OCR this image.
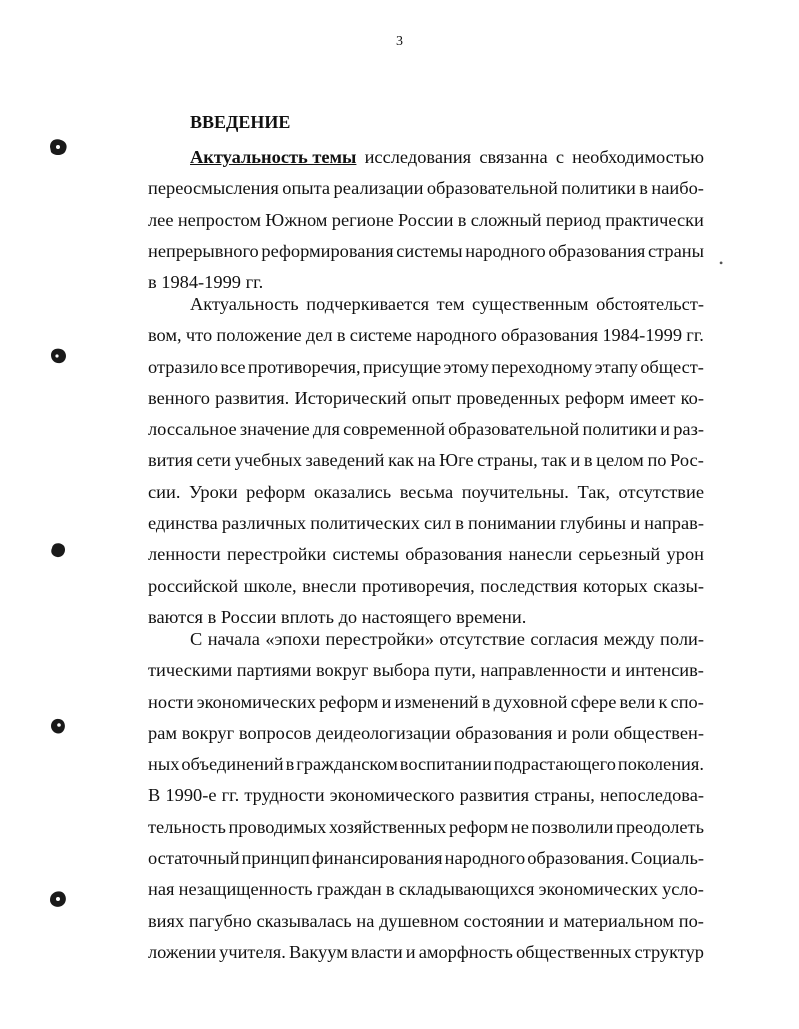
3
ВВЕДЕНИЕ
•
Актуальность темы исследования связанна с необходимостью
переосмысления опыта реализации образовательной политики в наибо-
лее непростом Южном регионе России в сложный период практически
непрерывного реформирования системы народного образования страны
в 1984-1999 гг.
Актуальность подчеркивается тем существенным обстоятельст-
вом, что положение дел в системе народного образования 1984-1999 гг.
отразило все противоречия, присущие этому переходному этапу общест-
венного развития. Исторический опыт проведенных реформ имеет ко-
лоссальное значение для современной образовательной политики и раз-
вития сети учебных заведений как на Юге страны, так и в целом по Рос-
сии. Уроки реформ оказались весьма поучительны. Так, отсутствие
единства различных политических сил в понимании глубины и направ-
ленности перестройки системы образования нанесли серьезный урон
российской школе, внесли противоречия, последствия которых сказы-
ваются в России вплоть до настоящего времени.
С начала «эпохи перестройки» отсутствие согласия между поли-
тическими партиями вокруг выбора пути, направленности и интенсив-
ности экономических реформ и изменений в духовной сфере вели к спо-
рам вокруг вопросов деидеологизации образования и роли обществен-
ных объединений в гражданском воспитании подрастающего поколения.
В 1990-е гг. трудности экономического развития страны, непоследова-
тельность проводимых хозяйственных реформ не позволили преодолеть
остаточный принцип финансирования народного образования. Социаль-
ная незащищенность граждан в складывающихся экономических усло-
виях пагубно сказывалась на душевном состоянии и материальном по-
ложении учителя. Вакуум власти и аморфность общественных структур
